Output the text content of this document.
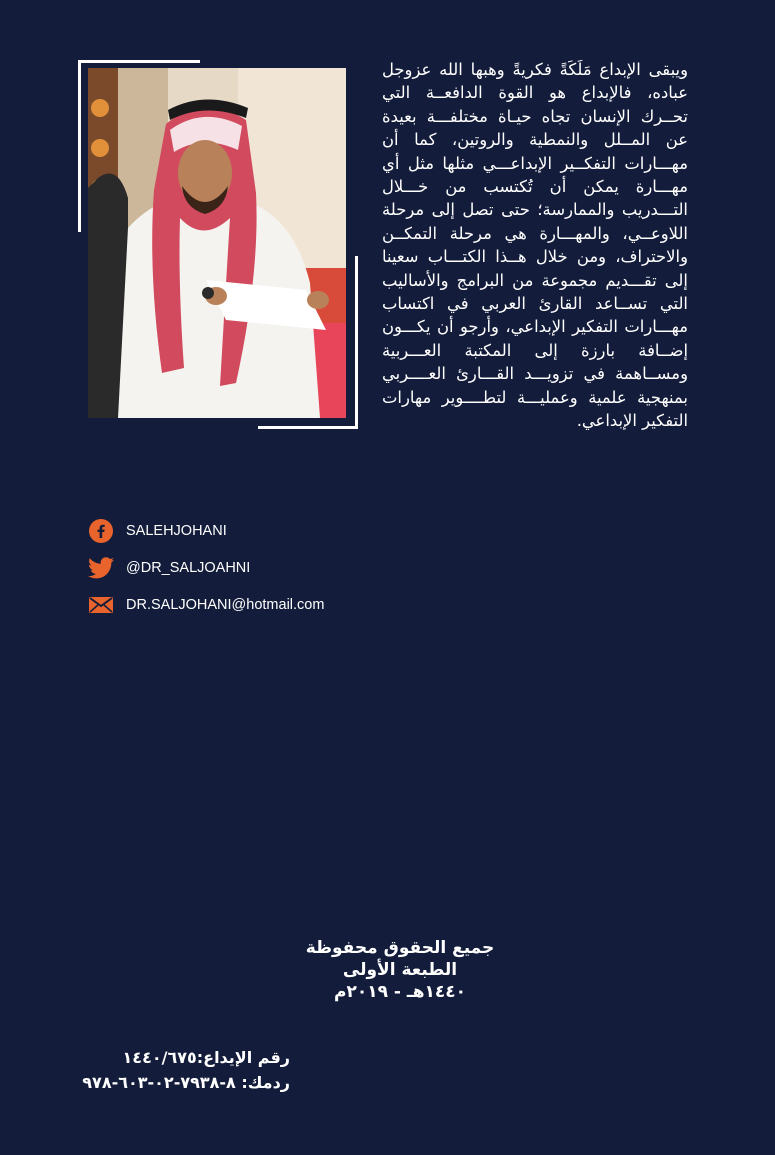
ويبقى الإبداع مَلَكَةً فكريةً وهبها الله عزوجل عباده، فالإبداع هو القوة الدافعــة التي تحــرك الإنسان تجاه حيـاة مختلفـــة بعيدة عن المــلل والنمطية والروتين، كما أن مهـــارات التفكــير الإبداعـــي مثلها مثل أي مهـــارة يمكن أن تُكتسب من خـــلال التـــدريب والممارسة؛ حتى تصل إلى مرحلة اللاوعــي، والمهـــارة هي مرحلة التمكــن والاحتراف، ومن خلال هــذا الكتـــاب سعينا إلى تقـــديم مجموعة من البرامج والأساليب التي تســاعد القارئ العربي في اكتساب مهـــارات التفكير الإبداعي، وأرجو أن يكـــون إضــافة بارزة إلى المكتبة العـــربية ومســاهمة في تزويـــد القـــارئ العــــربي بمنهجية علمية وعمليـــة لتطــــوير مهارات التفكير الإبداعي.
SALEHJOHANI
@DR_SALJOAHNI
DR.SALJOHANI@hotmail.com
جميع الحقوق محفوظة
الطبعة الأولى
١٤٤٠هـ - ٢٠١٩م
رقم الإيداع:١٤٤٠/٦٧٥
ردمك: ٨-٧٩٣٨-٠٢-٦٠٣-٩٧٨
